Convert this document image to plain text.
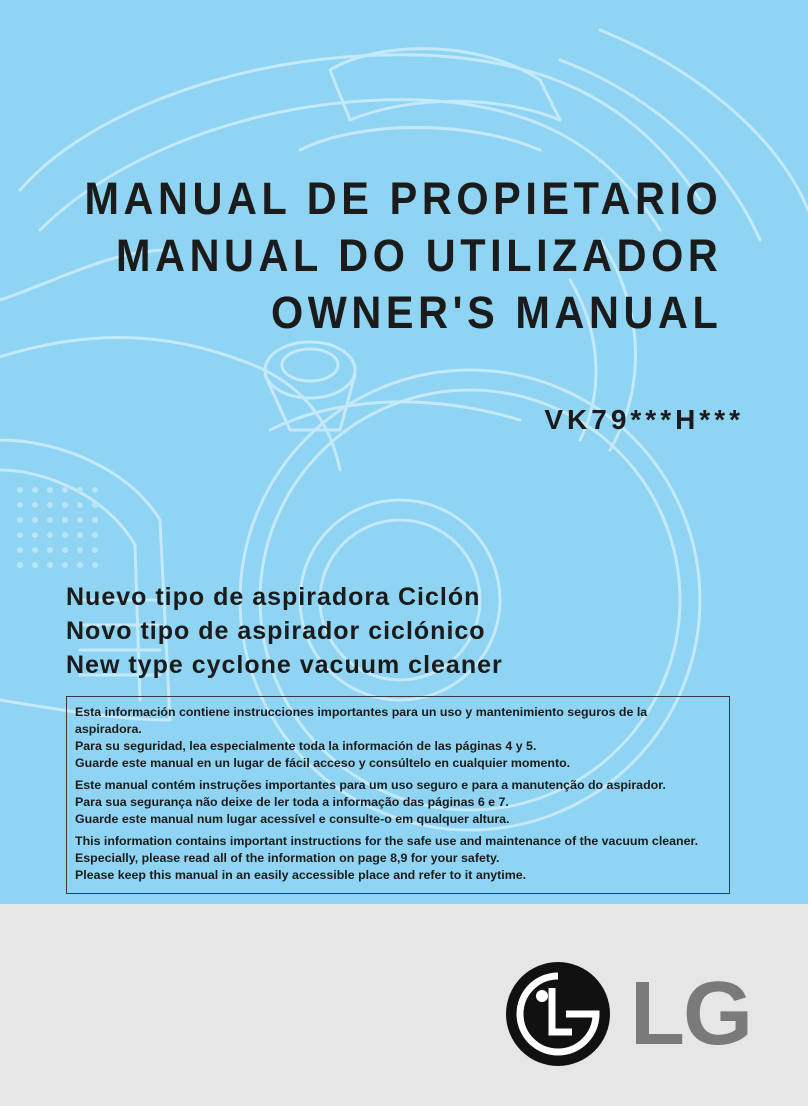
MANUAL DE PROPIETARIO
MANUAL DO UTILIZADOR
OWNER'S MANUAL
VK79***H***
Nuevo tipo de aspiradora Ciclón
Novo tipo de aspirador ciclónico
New type cyclone vacuum cleaner
Esta información contiene instrucciones importantes para un uso y mantenimiento seguros de la
aspiradora.
Para su seguridad, lea especialmente toda la información de las páginas 4 y 5.
Guarde este manual en un lugar de fácil acceso y consúltelo en cualquier momento.
Este manual contém instruções importantes para um uso seguro e para a manutenção do aspirador.
Para sua segurança não deixe de ler toda a informação das páginas 6 e 7.
Guarde este manual num lugar acessível e consulte-o em qualquer altura.
This information contains important instructions for the safe use and maintenance of the vacuum cleaner.
Especially, please read all of the information on page 8,9 for your safety.
Please keep this manual in an easily accessible place and refer to it anytime.
LG
